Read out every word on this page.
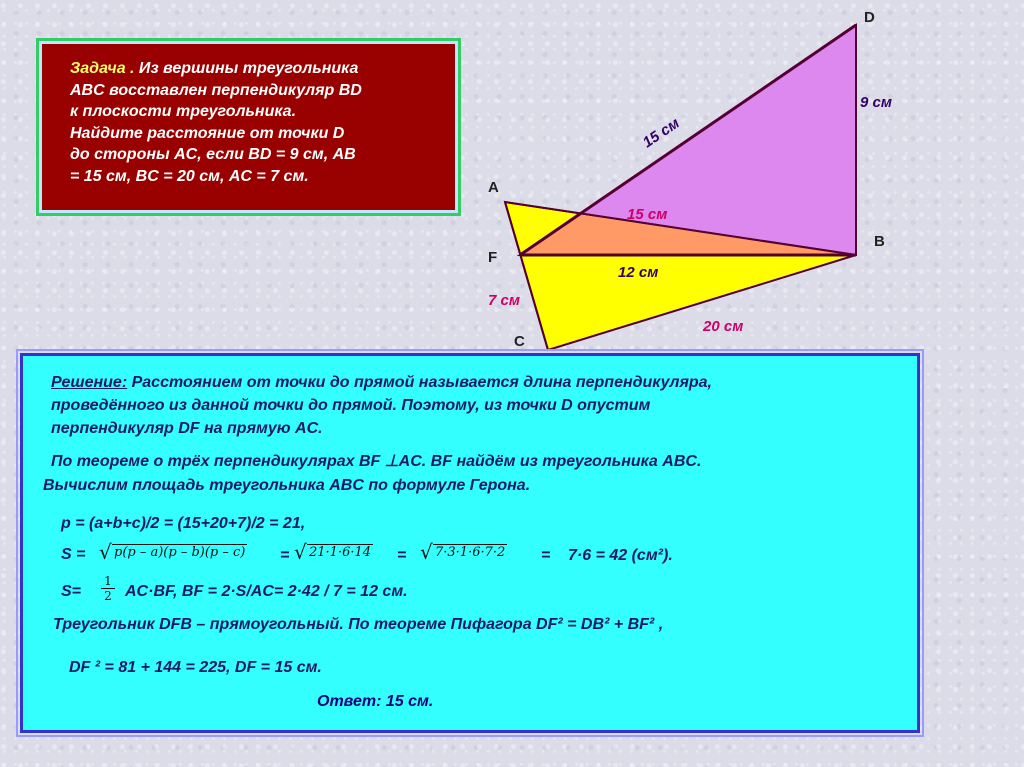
Задача . Из вершины треугольника
ABC восставлен перпендикуляр BD
к плоскости треугольника.
Найдите расстояние от точки D
до стороны AC, если BD = 9 см, AB
= 15 см, BC = 20 см, AC = 7 см.
D
A
B
F
C
9 см
15 см
15 см
12 см
7 см
20 см
Решение: Расстоянием от точки до прямой называется длина перпендикуляра,
проведённого из данной точки до прямой. Поэтому, из точки D опустим
перпендикуляр DF на прямую AC.
По теореме о трёх перпендикулярах BF ⊥AC. BF найдём из треугольника ABC.
Вычислим площадь треугольника ABC по формуле Герона.
p = (a+b+c)/2 = (15+20+7)/2 = 21,
S = √ p(p – a)(p – b)(p – c) = √ 21·1·6·14 = √ 7·3·1·6·7·2 = 7·6 = 42 (см²).
$S= \frac{1}{2} AC\cdot BF$, BF = 2·S/AC= 2·42 / 7 = 12 см.
Треугольник DFB – прямоугольный. По теореме Пифагора DF² = DB² + BF² ,
DF ² = 81 + 144 = 225, DF = 15 см.
Ответ: 15 см.
